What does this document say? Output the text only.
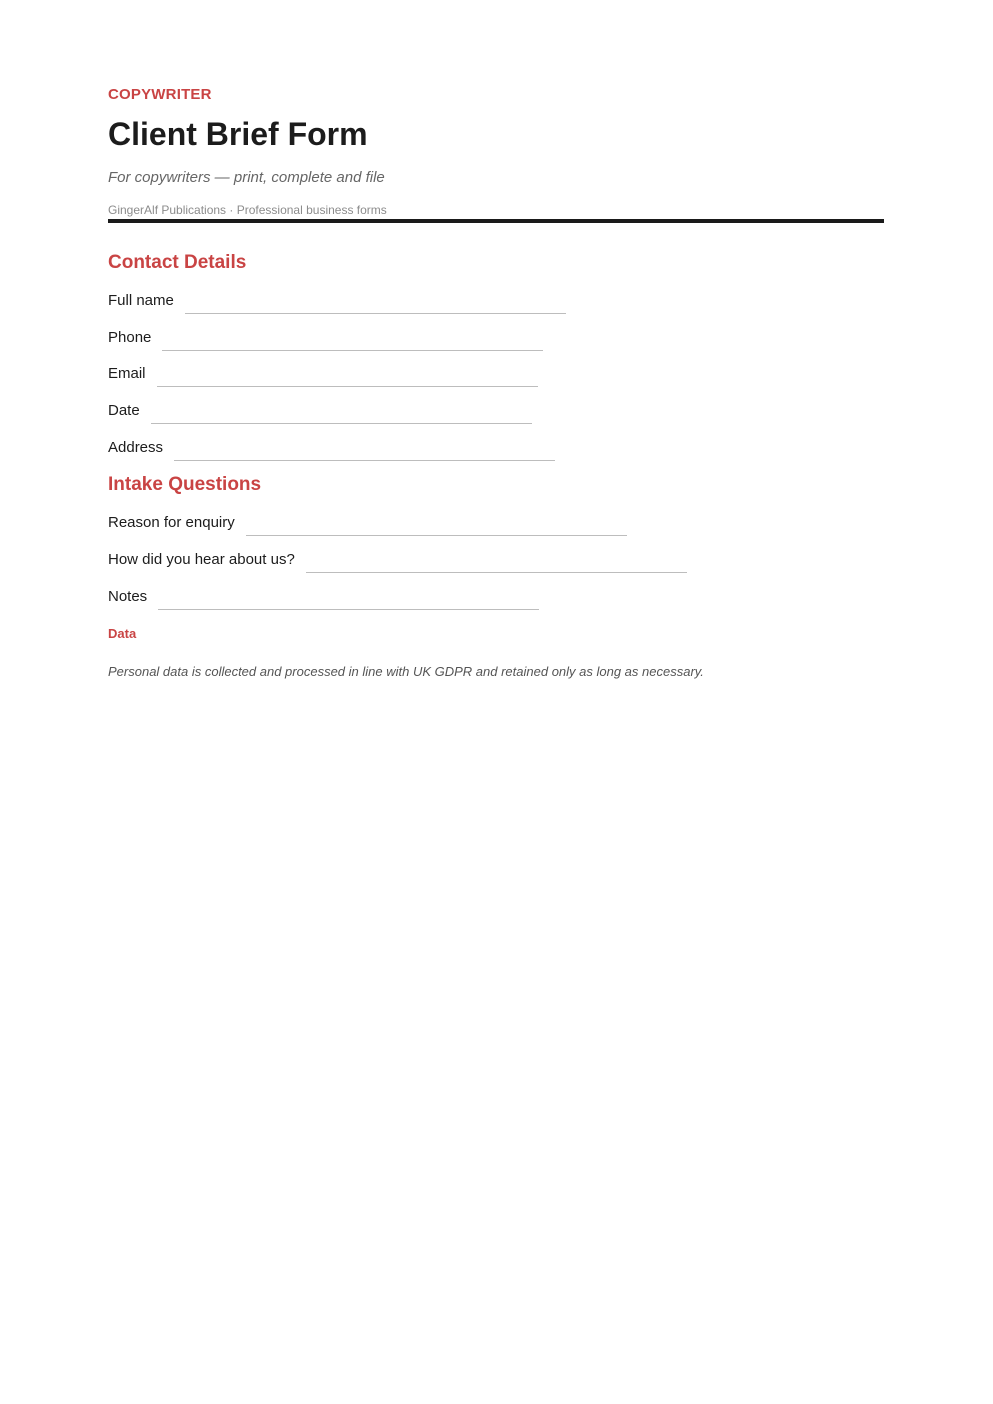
COPYWRITER
Client Brief Form
For copywriters — print, complete and file
GingerAlf Publications · Professional business forms
Contact Details
Full name
Phone
Email
Date
Address
Intake Questions
Reason for enquiry
How did you hear about us?
Notes
Data
Personal data is collected and processed in line with UK GDPR and retained only as long as necessary.
